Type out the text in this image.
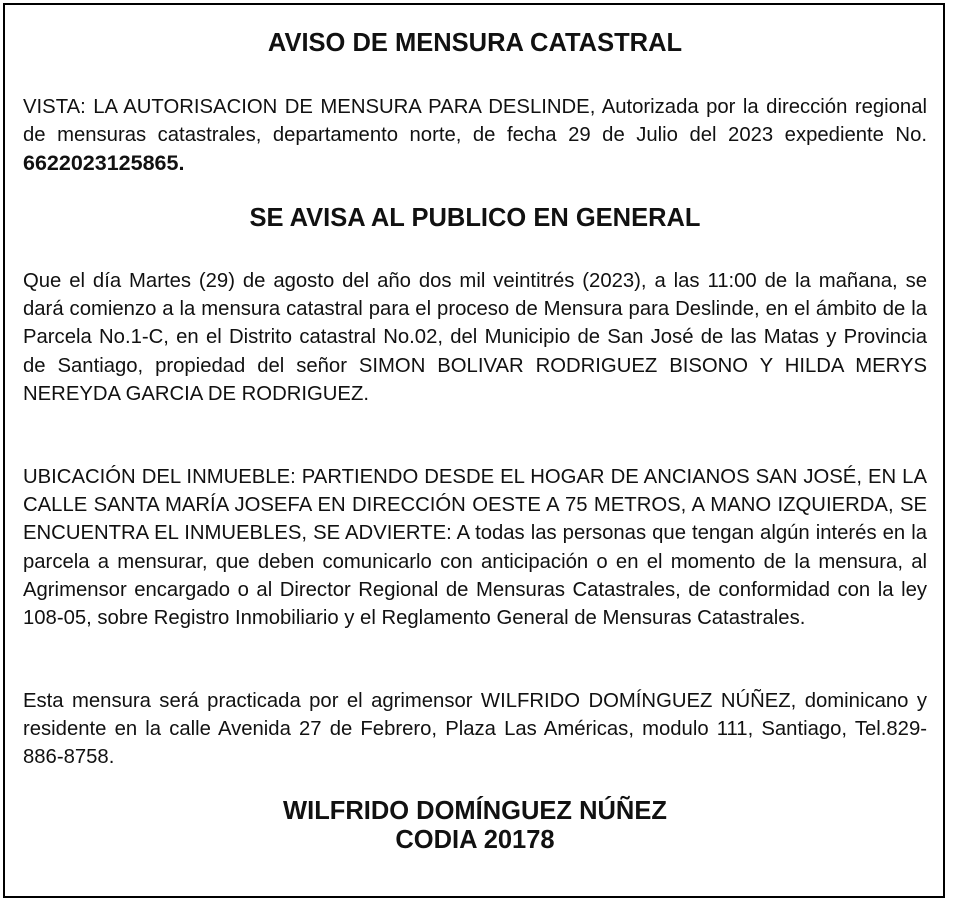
AVISO DE MENSURA CATASTRAL

VISTA: LA AUTORISACION DE MENSURA PARA DESLINDE, Autorizada por la dirección regional de mensuras catastrales, departamento norte, de fecha 29 de Julio del 2023 expediente No. 6622023125865.

SE AVISA AL PUBLICO EN GENERAL

Que el día Martes (29) de agosto del año dos mil veintitrés (2023), a las 11:00 de la mañana, se dará comienzo a la mensura catastral para el proceso de Mensura para Deslinde, en el ámbito de la Parcela No.1-C, en el Distrito catastral No.02, del Municipio de San José de las Matas y Provincia de Santiago, propiedad del señor SIMON BOLIVAR RODRIGUEZ BISONO Y HILDA MERYS NEREYDA GARCIA DE RODRIGUEZ.

UBICACIÓN DEL INMUEBLE: PARTIENDO DESDE EL HOGAR DE ANCIANOS SAN JOSÉ, EN LA CALLE SANTA MARÍA JOSEFA EN DIRECCIÓN OESTE A 75 METROS, A MANO IZQUIERDA, SE ENCUENTRA EL INMUEBLES, SE ADVIERTE: A todas las personas que tengan algún interés en la parcela a mensurar, que deben comunicarlo con anticipación o en el momento de la mensura, al Agrimensor encargado o al Director Regional de Mensuras Catastrales, de conformidad con la ley 108-05, sobre Registro Inmobiliario y el Reglamento General de Mensuras Catastrales.

Esta mensura será practicada por el agrimensor WILFRIDO DOMÍNGUEZ NÚÑEZ, dominicano y residente en la calle Avenida 27 de Febrero, Plaza Las Américas, modulo 111, Santiago, Tel.829-886-8758.

WILFRIDO DOMÍNGUEZ NÚÑEZ
CODIA 20178
